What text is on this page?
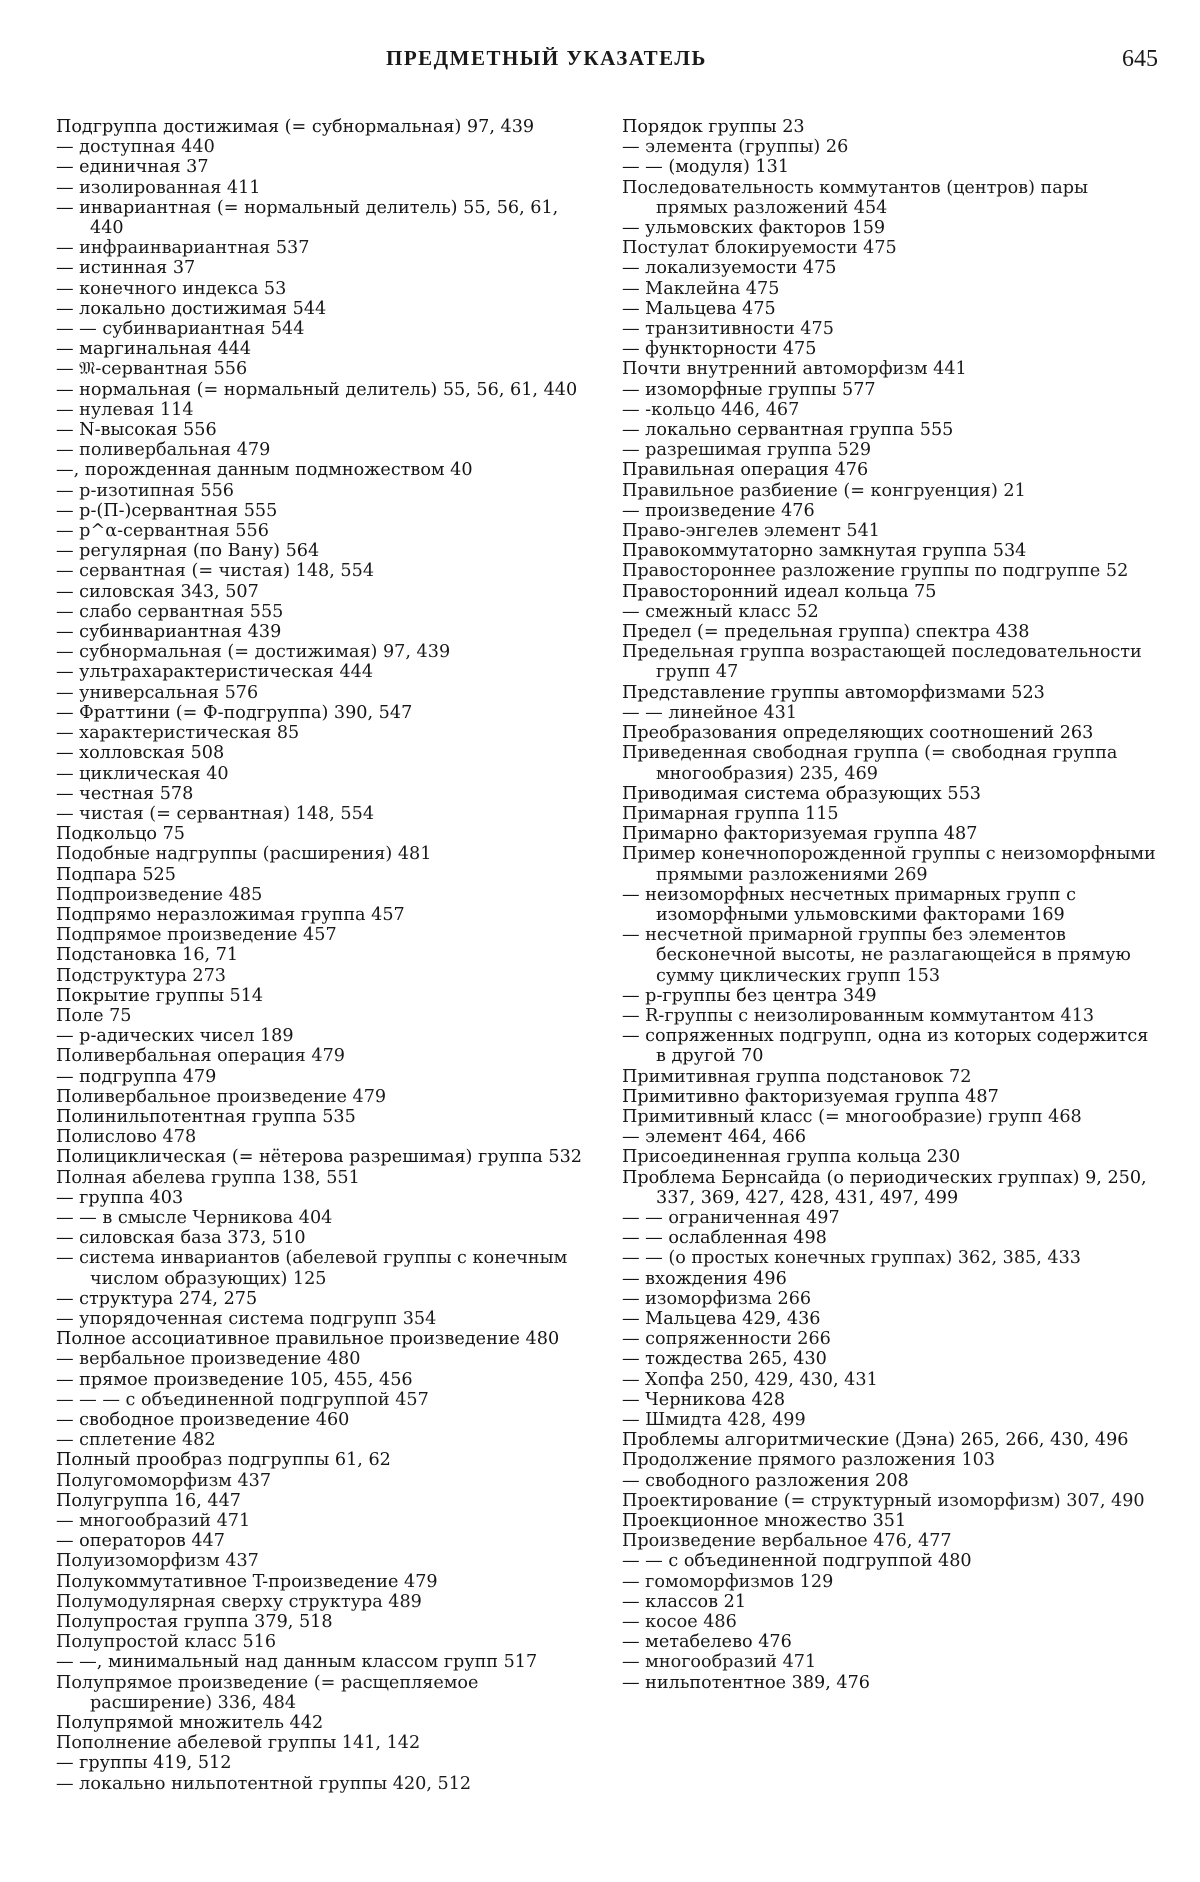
ПРЕДМЕТНЫЙ УКАЗАТЕЛЬ	645
Подгруппа достижимая (= субнормальная) 97, 439
— доступная 440
— единичная 37
— изолированная 411
— инвариантная (= нормальный делитель) 55, 56, 61, 440
— инфраинвариантная 537
— истинная 37
— конечного индекса 53
— локально достижимая 544
— — субинвариантная 544
— маргинальная 444
— 𝔐-сервантная 556
— нормальная (= нормальный делитель) 55, 56, 61, 440
— нулевая 114
— N-высокая 556
— поливербальная 479
—, порожденная данным подмножеством 40
— p-изотипная 556
— p-(Π-)сервантная 555
— p^α-сервантная 556
— регулярная (по Вану) 564
— сервантная (= чистая) 148, 554
— силовская 343, 507
— слабо сервантная 555
— субинвариантная 439
— субнормальная (= достижимая) 97, 439
— ультрахарактеристическая 444
— универсальная 576
— Фраттини (= Ф-подгруппа) 390, 547
— характеристическая 85
— холловская 508
— циклическая 40
— честная 578
— чистая (= сервантная) 148, 554
Подкольцо 75
Подобные надгруппы (расширения) 481
Подпара 525
Подпроизведение 485
Подпрямо неразложимая группа 457
Подпрямое произведение 457
Подстановка 16, 71
Подструктура 273
Покрытие группы 514
Поле 75
— p-адических чисел 189
Поливербальная операция 479
— подгруппа 479
Поливербальное произведение 479
Полинильпотентная группа 535
Полислово 478
Полициклическая (= нётерова разрешимая) группа 532
Полная абелева группа 138, 551
— группа 403
— — в смысле Черникова 404
— силовская база 373, 510
— система инвариантов (абелевой группы с конечным числом образующих) 125
— структура 274, 275
— упорядоченная система подгрупп 354
Полное ассоциативное правильное произведение 480
— вербальное произведение 480
— прямое произведение 105, 455, 456
— — — с объединенной подгруппой 457
— свободное произведение 460
— сплетение 482
Полный прообраз подгруппы 61, 62
Полугомоморфизм 437
Полугруппа 16, 447
— многообразий 471
— операторов 447
Полуизоморфизм 437
Полукоммутативное T-произведение 479
Полумодулярная сверху структура 489
Полупростая группа 379, 518
Полупростой класс 516
— —, минимальный над данным классом групп 517
Полупрямое произведение (= расщепляемое расширение) 336, 484
Полупрямой множитель 442
Пополнение абелевой группы 141, 142
— группы 419, 512
— локально нильпотентной группы 420, 512
Порядок группы 23
— элемента (группы) 26
— — (модуля) 131
Последовательность коммутантов (центров) пары прямых разложений 454
— ульмовских факторов 159
Постулат блокируемости 475
— локализуемости 475
— Маклейна 475
— Мальцева 475
— транзитивности 475
— функторности 475
Почти внутренний автоморфизм 441
— изоморфные группы 577
— -кольцо 446, 467
— локально сервантная группа 555
— разрешимая группа 529
Правильная операция 476
Правильное разбиение (= конгруенция) 21
— произведение 476
Право-энгелев элемент 541
Правокоммутаторно замкнутая группа 534
Правостороннее разложение группы по подгруппе 52
Правосторонний идеал кольца 75
— смежный класс 52
Предел (= предельная группа) спектра 438
Предельная группа возрастающей последовательности групп 47
Представление группы автоморфизмами 523
— — линейное 431
Преобразования определяющих соотношений 263
Приведенная свободная группа (= свободная группа многообразия) 235, 469
Приводимая система образующих 553
Примарная группа 115
Примарно факторизуемая группа 487
Пример конечнопорожденной группы с неизоморфными прямыми разложениями 269
— неизоморфных несчетных примарных групп с изоморфными ульмовскими факторами 169
— несчетной примарной группы без элементов бесконечной высоты, не разлагающейся в прямую сумму циклических групп 153
— p-группы без центра 349
— R-группы с неизолированным коммутантом 413
— сопряженных подгрупп, одна из которых содержится в другой 70
Примитивная группа подстановок 72
Примитивно факторизуемая группа 487
Примитивный класс (= многообразие) групп 468
— элемент 464, 466
Присоединенная группа кольца 230
Проблема Бернсайда (о периодических группах) 9, 250, 337, 369, 427, 428, 431, 497, 499
— — ограниченная 497
— — ослабленная 498
— — (о простых конечных группах) 362, 385, 433
— вхождения 496
— изоморфизма 266
— Мальцева 429, 436
— сопряженности 266
— тождества 265, 430
— Хопфа 250, 429, 430, 431
— Черникова 428
— Шмидта 428, 499
Проблемы алгоритмические (Дэна) 265, 266, 430, 496
Продолжение прямого разложения 103
— свободного разложения 208
Проектирование (= структурный изоморфизм) 307, 490
Проекционное множество 351
Произведение вербальное 476, 477
— — с объединенной подгруппой 480
— гомоморфизмов 129
— классов 21
— косое 486
— метабелево 476
— многообразий 471
— нильпотентное 389, 476
